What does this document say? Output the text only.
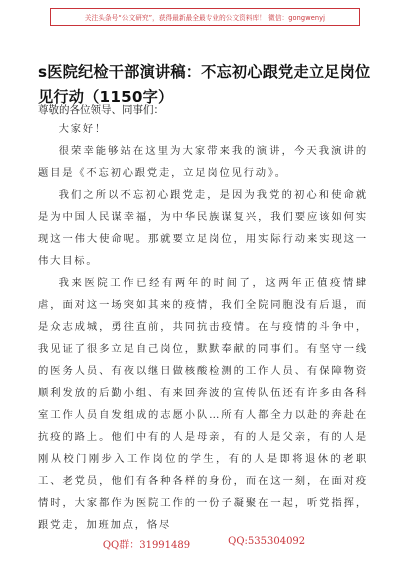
关注头条号“公文研究”，获得最新最全最专业的公文资料库！ 微信：gongwenyj
s医院纪检干部演讲稿：不忘初心跟党走立足岗位见行动（1150字）
尊敬的各位领导、同事们：

大家好！

很荣幸能够站在这里为大家带来我的演讲，今天我演讲的题目是《不忘初心跟党走，立足岗位见行动》。

我们之所以不忘初心跟党走，是因为我党的初心和使命就是为中国人民谋幸福，为中华民族谋复兴，我们要应该如何实现这一伟大使命呢。那就要立足岗位，用实际行动来实现这一伟大目标。

我来医院工作已经有两年的时间了，这两年正值疫情肆虐，面对这一场突如其来的疫情，我们全院同胞没有后退，而是众志成城，勇往直前，共同抗击疫情。在与疫情的斗争中，我见证了很多立足自己岗位，默默奉献的同事们。有坚守一线的医务人员、有夜以继日做核酸检测的工作人员、有保障物资顺利发放的后勤小组、有来回奔波的宣传队伍还有许多由各科室工作人员自发组成的志愿小队…所有人都全力以赴的奔赴在抗疫的路上。他们中有的人是母亲，有的人是父亲，有的人是刚从校门刚步入工作岗位的学生，有的人是即将退休的老职工、老党员，他们有各种各样的身份，而在这一刻，在面对疫情时，大家都作为医院工作的一份子凝聚在一起，听党指挥，跟党走，加班加点，恪尽

QQ群：31991489	QQ:535304092
